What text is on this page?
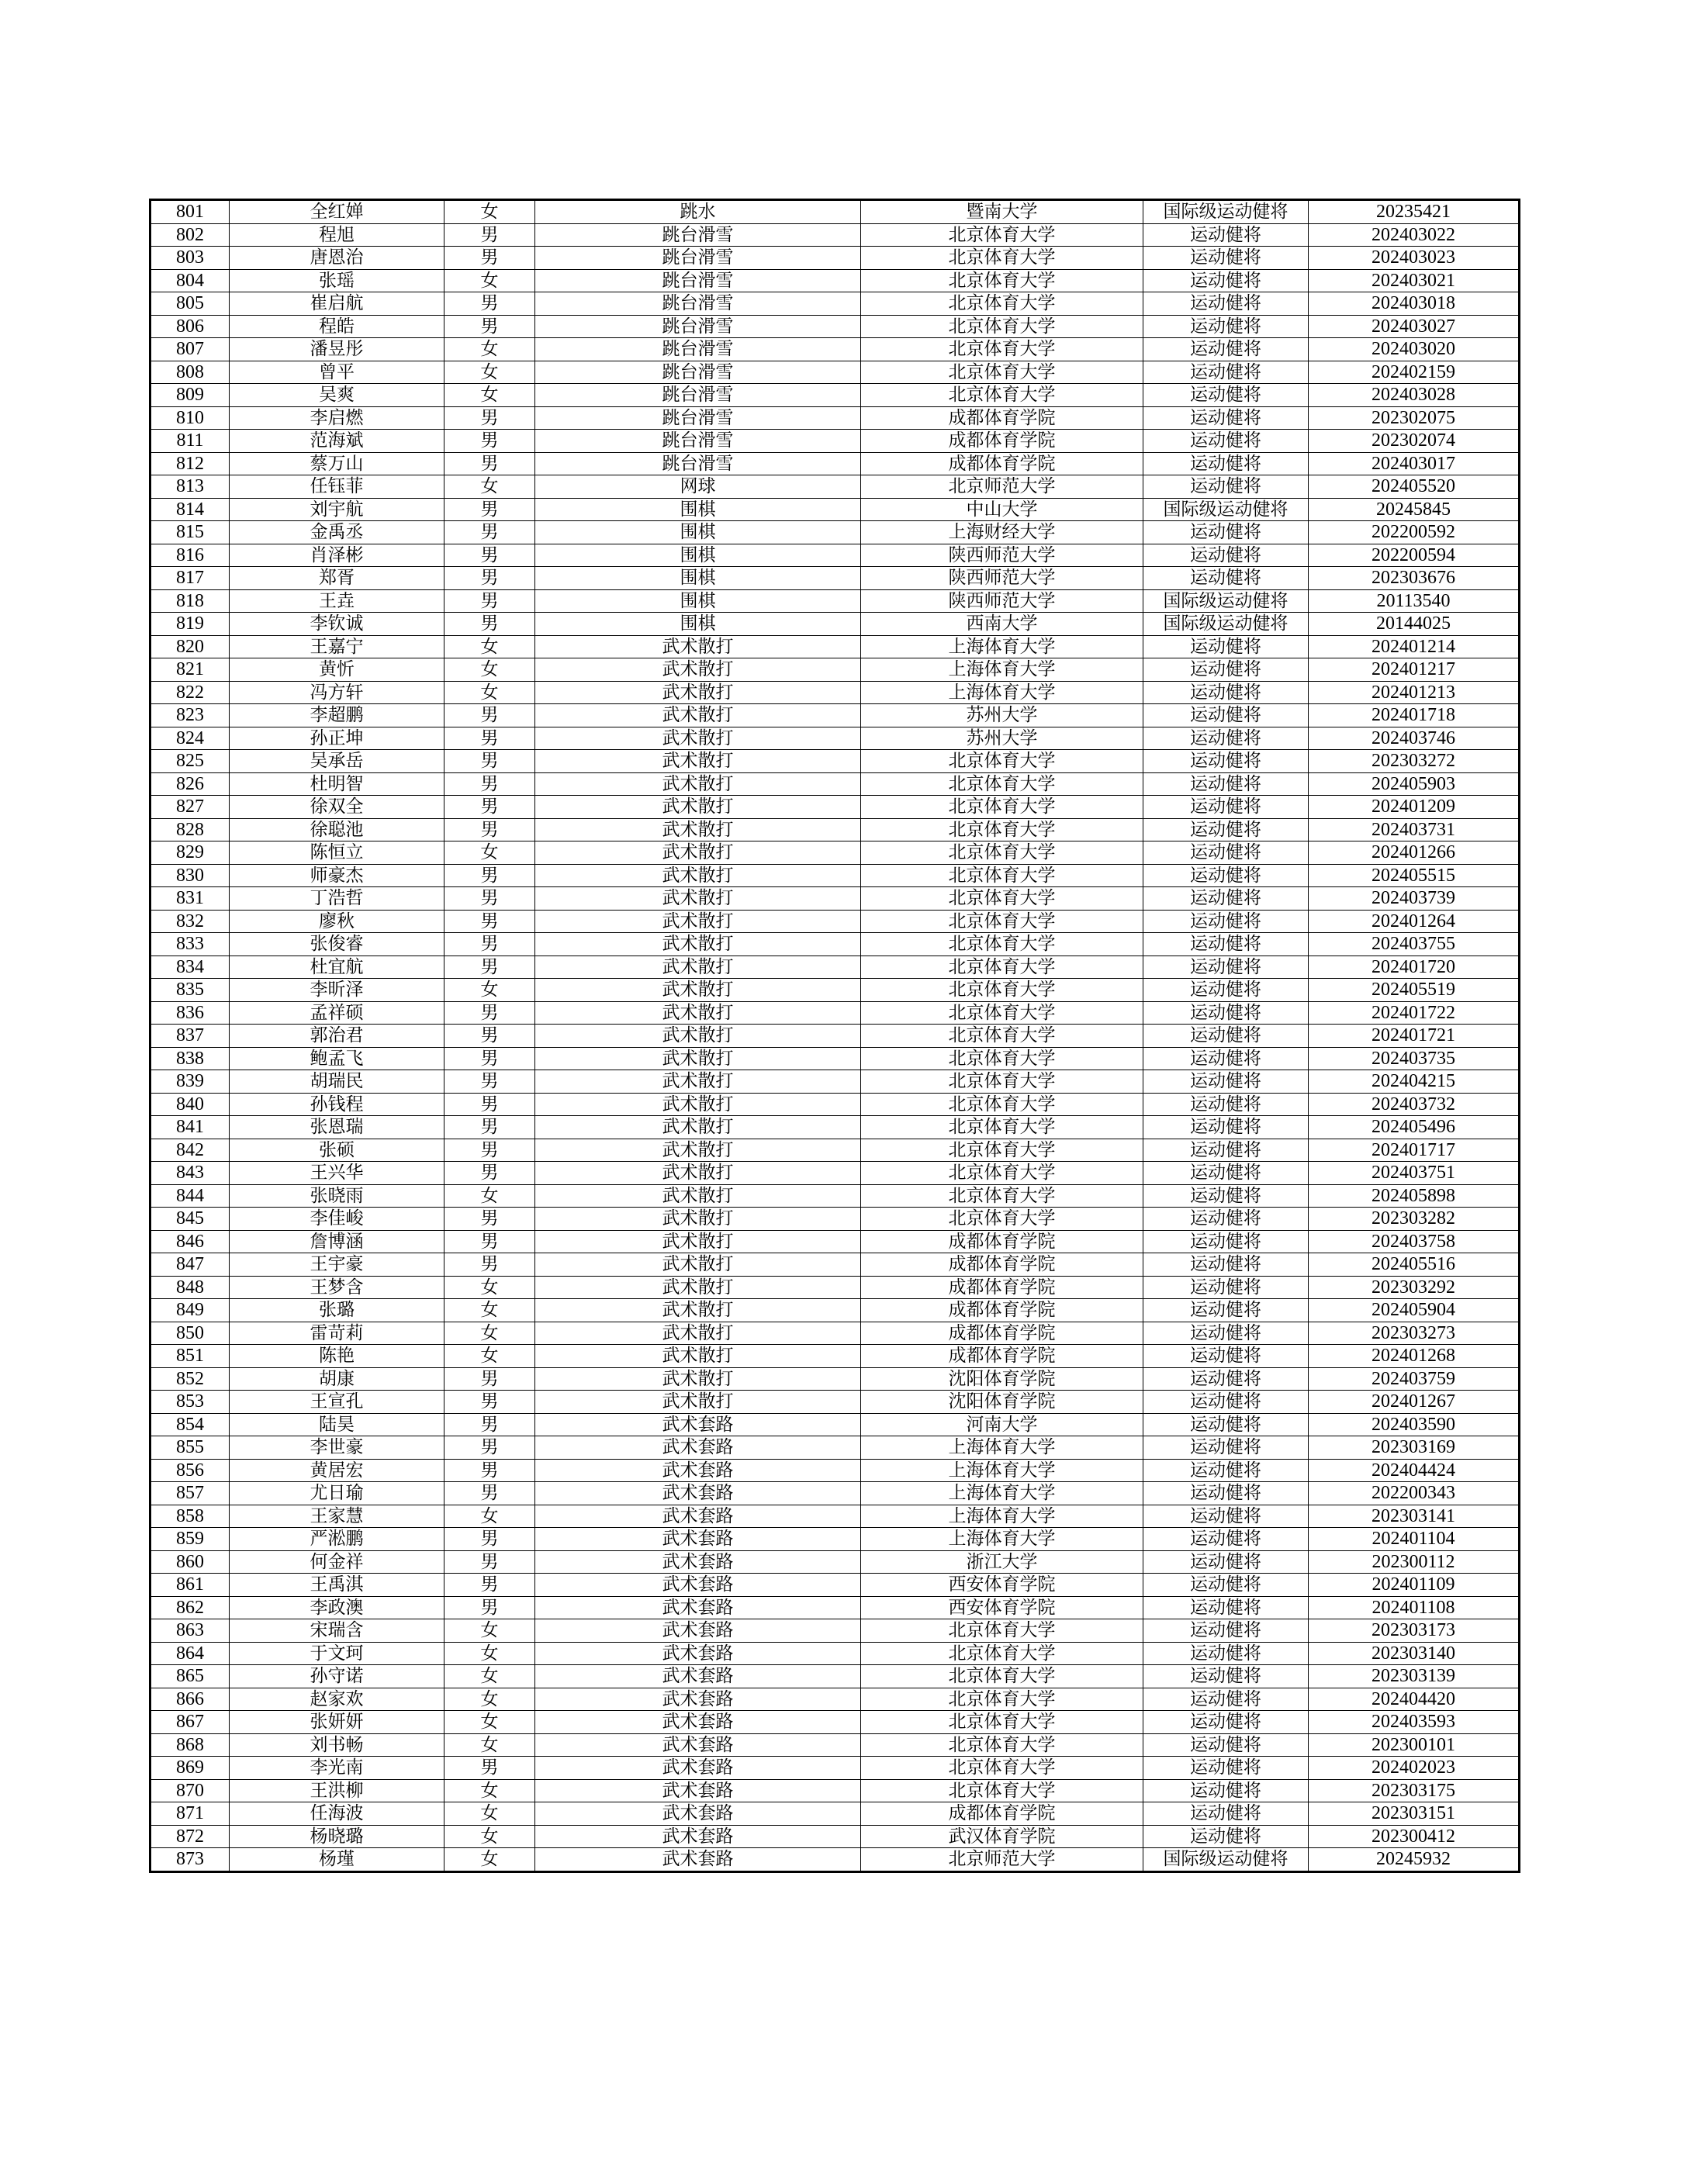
801	全红婵	女	跳水	暨南大学	国际级运动健将	20235421
802	程旭	男	跳台滑雪	北京体育大学	运动健将	202403022
803	唐恩治	男	跳台滑雪	北京体育大学	运动健将	202403023
804	张瑶	女	跳台滑雪	北京体育大学	运动健将	202403021
805	崔启航	男	跳台滑雪	北京体育大学	运动健将	202403018
806	程皓	男	跳台滑雪	北京体育大学	运动健将	202403027
807	潘昱彤	女	跳台滑雪	北京体育大学	运动健将	202403020
808	曾平	女	跳台滑雪	北京体育大学	运动健将	202402159
809	吴爽	女	跳台滑雪	北京体育大学	运动健将	202403028
810	李启燃	男	跳台滑雪	成都体育学院	运动健将	202302075
811	范海斌	男	跳台滑雪	成都体育学院	运动健将	202302074
812	蔡万山	男	跳台滑雪	成都体育学院	运动健将	202403017
813	任钰菲	女	网球	北京师范大学	运动健将	202405520
814	刘宇航	男	围棋	中山大学	国际级运动健将	20245845
815	金禹丞	男	围棋	上海财经大学	运动健将	202200592
816	肖泽彬	男	围棋	陕西师范大学	运动健将	202200594
817	郑胥	男	围棋	陕西师范大学	运动健将	202303676
818	王垚	男	围棋	陕西师范大学	国际级运动健将	20113540
819	李钦诚	男	围棋	西南大学	国际级运动健将	20144025
820	王嘉宁	女	武术散打	上海体育大学	运动健将	202401214
821	黄忻	女	武术散打	上海体育大学	运动健将	202401217
822	冯方轩	女	武术散打	上海体育大学	运动健将	202401213
823	李超鹏	男	武术散打	苏州大学	运动健将	202401718
824	孙正坤	男	武术散打	苏州大学	运动健将	202403746
825	吴承岳	男	武术散打	北京体育大学	运动健将	202303272
826	杜明智	男	武术散打	北京体育大学	运动健将	202405903
827	徐双全	男	武术散打	北京体育大学	运动健将	202401209
828	徐聪池	男	武术散打	北京体育大学	运动健将	202403731
829	陈恒立	女	武术散打	北京体育大学	运动健将	202401266
830	师豪杰	男	武术散打	北京体育大学	运动健将	202405515
831	丁浩哲	男	武术散打	北京体育大学	运动健将	202403739
832	廖秋	男	武术散打	北京体育大学	运动健将	202401264
833	张俊睿	男	武术散打	北京体育大学	运动健将	202403755
834	杜宜航	男	武术散打	北京体育大学	运动健将	202401720
835	李昕泽	女	武术散打	北京体育大学	运动健将	202405519
836	孟祥硕	男	武术散打	北京体育大学	运动健将	202401722
837	郭治君	男	武术散打	北京体育大学	运动健将	202401721
838	鲍孟飞	男	武术散打	北京体育大学	运动健将	202403735
839	胡瑞民	男	武术散打	北京体育大学	运动健将	202404215
840	孙钱程	男	武术散打	北京体育大学	运动健将	202403732
841	张恩瑞	男	武术散打	北京体育大学	运动健将	202405496
842	张硕	男	武术散打	北京体育大学	运动健将	202401717
843	王兴华	男	武术散打	北京体育大学	运动健将	202403751
844	张晓雨	女	武术散打	北京体育大学	运动健将	202405898
845	李佳峻	男	武术散打	北京体育大学	运动健将	202303282
846	詹博涵	男	武术散打	成都体育学院	运动健将	202403758
847	王宇豪	男	武术散打	成都体育学院	运动健将	202405516
848	王梦含	女	武术散打	成都体育学院	运动健将	202303292
849	张璐	女	武术散打	成都体育学院	运动健将	202405904
850	雷苛莉	女	武术散打	成都体育学院	运动健将	202303273
851	陈艳	女	武术散打	成都体育学院	运动健将	202401268
852	胡康	男	武术散打	沈阳体育学院	运动健将	202403759
853	王宣孔	男	武术散打	沈阳体育学院	运动健将	202401267
854	陆昊	男	武术套路	河南大学	运动健将	202403590
855	李世豪	男	武术套路	上海体育大学	运动健将	202303169
856	黄居宏	男	武术套路	上海体育大学	运动健将	202404424
857	尤日瑜	男	武术套路	上海体育大学	运动健将	202200343
858	王家慧	女	武术套路	上海体育大学	运动健将	202303141
859	严淞鹏	男	武术套路	上海体育大学	运动健将	202401104
860	何金祥	男	武术套路	浙江大学	运动健将	202300112
861	王禹淇	男	武术套路	西安体育学院	运动健将	202401109
862	李政澳	男	武术套路	西安体育学院	运动健将	202401108
863	宋瑞含	女	武术套路	北京体育大学	运动健将	202303173
864	于文珂	女	武术套路	北京体育大学	运动健将	202303140
865	孙守诺	女	武术套路	北京体育大学	运动健将	202303139
866	赵家欢	女	武术套路	北京体育大学	运动健将	202404420
867	张妍妍	女	武术套路	北京体育大学	运动健将	202403593
868	刘书畅	女	武术套路	北京体育大学	运动健将	202300101
869	李光南	男	武术套路	北京体育大学	运动健将	202402023
870	王洪柳	女	武术套路	北京体育大学	运动健将	202303175
871	任海波	女	武术套路	成都体育学院	运动健将	202303151
872	杨晓璐	女	武术套路	武汉体育学院	运动健将	202300412
873	杨瑾	女	武术套路	北京师范大学	国际级运动健将	20245932
